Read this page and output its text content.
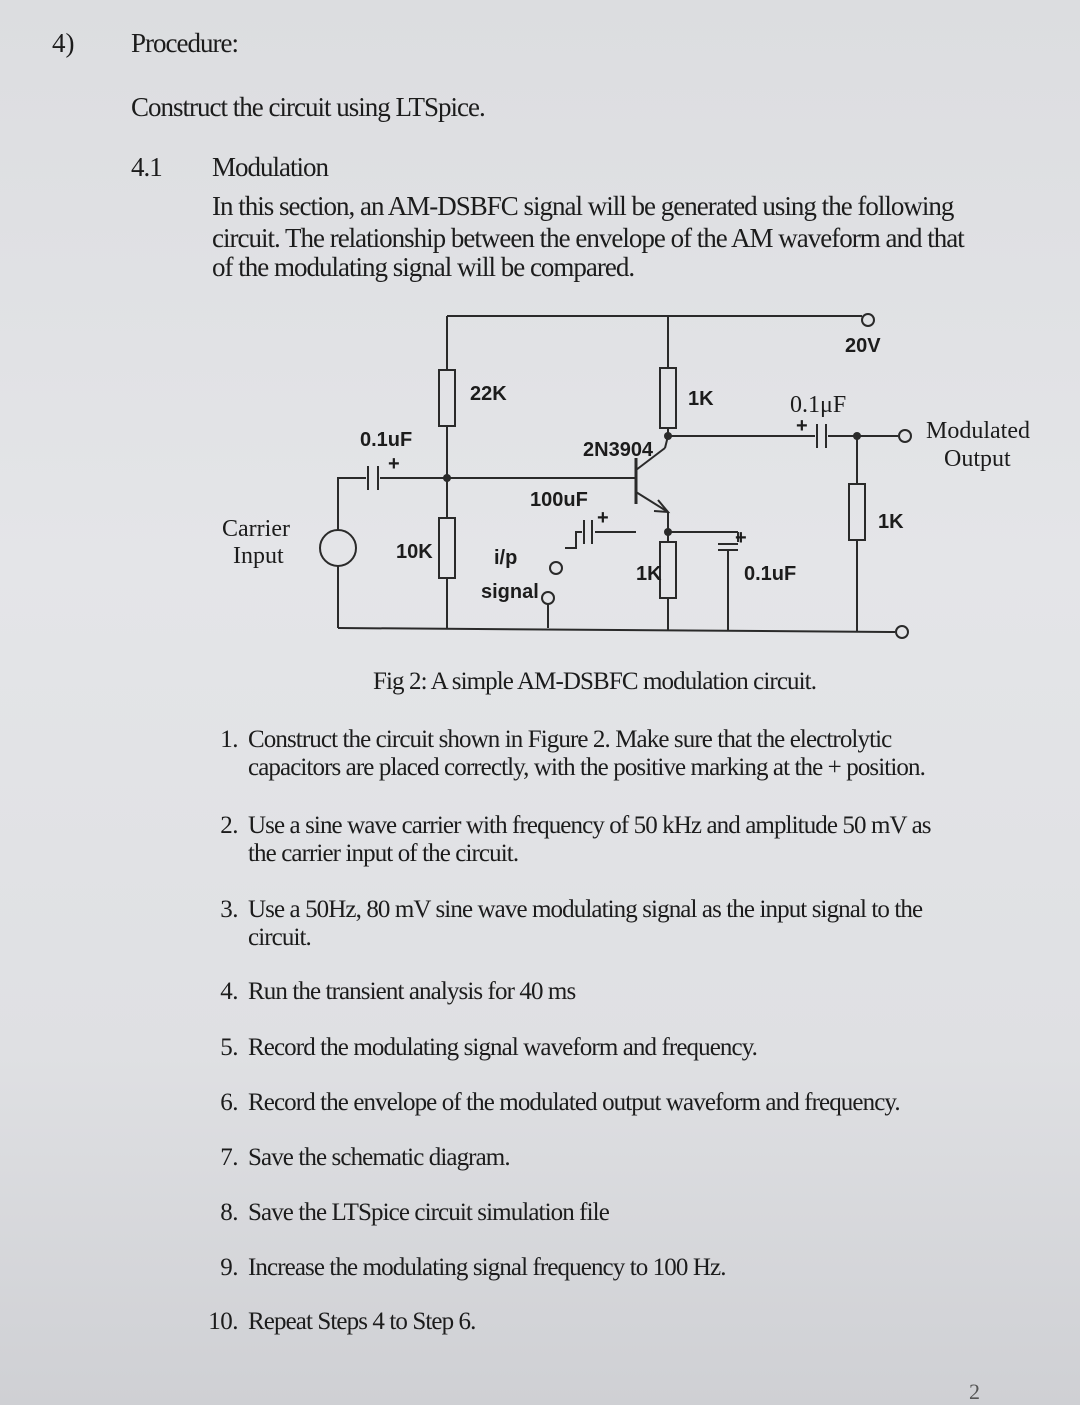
4) Procedure:
Construct the circuit using LTSpice.
4.1 Modulation
In this section, an AM-DSBFC signal will be generated using the following
circuit. The relationship between the envelope of the AM waveform and that
of the modulating signal will be compared.
20V
22K	1K
2N3904
0.1uF
+
100uF
+
10K	i/p
signal
1K	0.1uF
+
1K
+
0.1μF
Modulated
Output
Carrier
Input
Fig 2: A simple AM-DSBFC modulation circuit.
1. Construct the circuit shown in Figure 2. Make sure that the electrolytic
capacitors are placed correctly, with the positive marking at the + position.
2. Use a sine wave carrier with frequency of 50 kHz and amplitude 50 mV as
the carrier input of the circuit.
3. Use a 50Hz, 80 mV sine wave modulating signal as the input signal to the
circuit.
4. Run the transient analysis for 40 ms
5. Record the modulating signal waveform and frequency.
6. Record the envelope of the modulated output waveform and frequency.
7. Save the schematic diagram.
8. Save the LTSpice circuit simulation file
9. Increase the modulating signal frequency to 100 Hz.
10. Repeat Steps 4 to Step 6.
2
